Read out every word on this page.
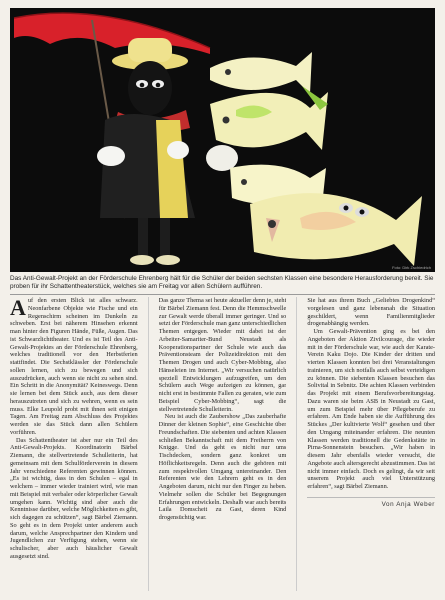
Foto: Dirk Zschiedrich
Das Anti-Gewalt-Projekt an der Förderschule Ehrenberg hält für die Schüler der beiden sechsten Klassen eine besondere Herausforderung bereit. Sie proben für ihr Schattentheaterstück, welches sie am Freitag vor allen Schülern aufführen.

Auf den ersten Blick ist alles schwarz. Neonfarbene Objekte wie Fische und ein Regenschirm scheinen im Dunkeln zu schweben. Erst bei näherem Hinsehen erkennt man hinter den Figuren Hände, Füße, Augen. Das ist Schwarzlichttheater. Und es ist Teil des Anti-Gewalt-Projektes an der Förderschule Ehrenberg, welches traditionell vor den Herbstferien stattfindet. Die Sechstklässler der Förderschule sollen lernen, sich zu bewegen und sich auszudrücken, auch wenn sie nicht zu sehen sind. Ein Schritt in die Anonymität? Keineswegs. Denn sie lernen bei dem Stück auch, aus dem dieser herauszutreten und sich zu wehren, wenn es sein muss. Elke Leupold probt mit ihnen seit einigen Tagen. Am Freitag zum Abschluss des Projektes werden sie das Stück dann allen Schülern vorführen.

Das Schattentheater ist aber nur ein Teil des Anti-Gewalt-Projekts. Koordinatorin Bärbel Ziemann, die stellvertretende Schulleiterin, hat gemeinsam mit dem Schulförderverein in diesem Jahr verschiedene Referenten gewinnen können. „Es ist wichtig, dass in den Schulen – egal in welchem – immer wieder trainiert wird, wie man mit Beispiel mit verbaler oder körperlicher Gewalt umgehen kann. Wichtig sind aber auch die Kenntnisse darüber, welche Möglichkeiten es gibt, sich dagegen zu schützen“, sagt Bärbel Ziemann. So geht es in dem Projekt unter anderem auch darum, welche Ansprechpartner den Kindern und Jugendlichen zur Verfügung stehen, wenn sie schulischer, aber auch häuslicher Gewalt ausgesetzt sind.

Das ganze Thema sei heute aktueller denn je, steht für Bärbel Ziemann fest. Denn die Hemmschwelle zur Gewalt werde überall immer geringer. Und so setzt der Förderschule man ganz unterschiedlichen Themen entgegen. Wieder mit dabei ist der Arbeiter-Samariter-Bund Neustadt als Kooperationspartner der Schule wie auch das Präventionsteam der Polizeidirektion mit den Themen Drogen und auch Cyber-Mobbing, also Hänseleien im Internet. „Wir versuchen natürlich speziell Entwicklungen aufzugreifen, um den Schülern auch Wege aufzeigen zu können, gar nicht erst in bestimmte Fallen zu geraten, wie zum Beispiel Cyber-Mobbing“, sagt die stellvertretende Schulleiterin.

Neu ist auch die Zaubershow „Das zauberhafte Dinner der kleinen Sophie“, eine Geschichte über Freundschaften. Die siebenten und achten Klassen schließen Bekanntschaft mit dem Freiherrn von Knigge. Und da geht es nicht nur ums Tischdecken, sondern ganz konkret um Höflichkeitsregeln. Denn auch die gehören mit zum respektvollen Umgang untereinander. Den Referenten wie den Lehrern geht es in den Angeboten darum, nicht nur den Finger zu heben. Vielmehr sollen die Schüler bei Begegnungen Erfahrungen entwickeln. Deshalb war auch bereits Laila Domscheit zu Gast, deren Kind drogensüchtig war.

Sie hat aus ihrem Buch „Geliebtes Drogenkind“ vorgelesen und ganz lebensnah die Situation geschildert, wenn Familienmitglieder drogenabhängig werden.

Um Gewalt-Prävention ging es bei den Angeboten der Aktion Zivilcourage, die wieder mit in der Förderschule war, wie auch der Karate-Verein Kaku Dojo. Die Kinder der dritten und vierten Klassen konnten bei drei Veranstaltungen trainieren, um sich notfalls auch selbst verteidigen zu können. Die siebenten Klassen besuchen das Solivital in Sebnitz. Die achten Klassen verbinden das Projekt mit einem Berufsvorbereitungstag. Dazu waren sie beim ASB in Neustadt zu Gast, um zum Beispiel mehr über Pflegeberufe zu erfahren. Am Ende haben sie die Aufführung des Stückes „Der kultivierte Wolf“ gesehen und über den Umgang miteinander erfahren. Die neunten Klassen werden traditionell die Gedenkstätte in Pirna-Sonnenstein besuchen. „Wir haben in diesem Jahr ebenfalls wieder versucht, die Angebote auch altersgerecht abzustimmen. Das ist nicht immer einfach. Doch es gelingt, da wir seit unserem Projekt auch viel Unterstützung erfahren“, sagt Bärbel Ziemann.

Von Anja Weber
